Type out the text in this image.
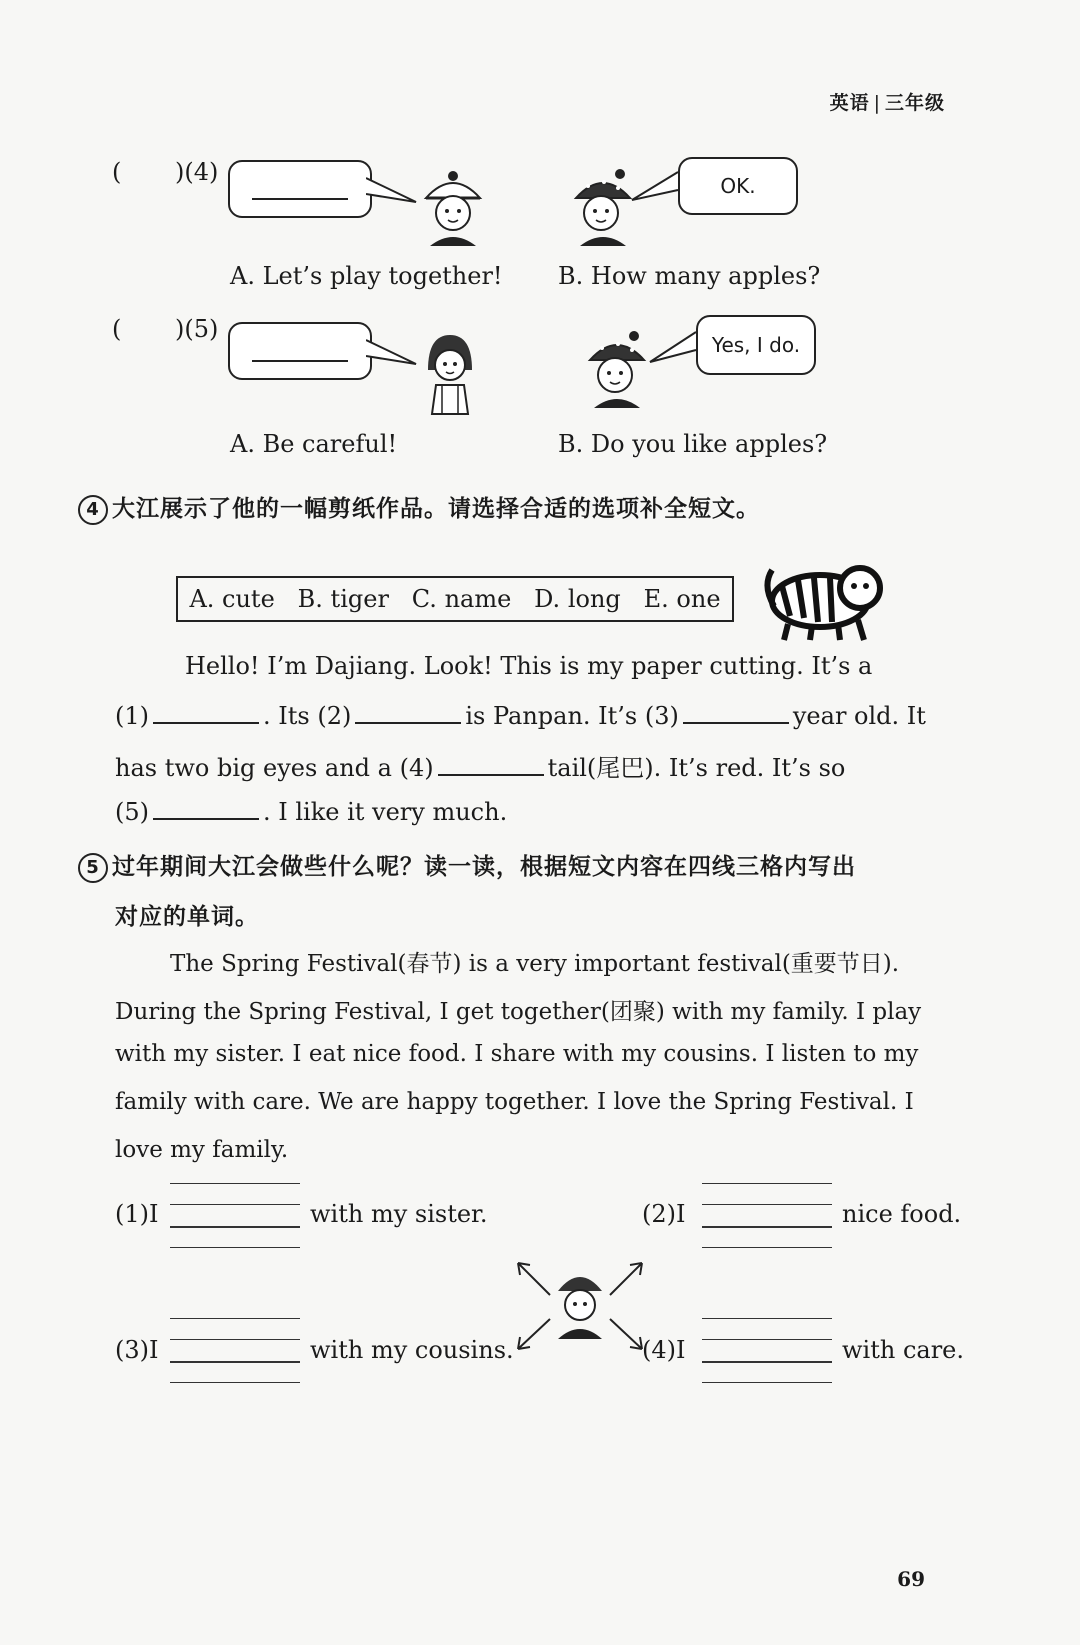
英语 | 三年级
( )(4)	OK.
A. Let’s play together! B. How many apples?
( )(5)
Yes, I do.
A. Be careful!	B. Do you like apples?
4 大江展示了他的一幅剪纸作品。请选择合适的选项补全短文。
A. cute B. tiger C. name D. long E. one
Hello! I’m Dajiang. Look! This is my paper cutting. It’s a
(1)	. Its (2)	is Panpan. It’s (3)	year old. It
has two big eyes and a (4)	tail(尾巴). It’s red. It’s so
(5)	. I like it very much.
5 过年期间大江会做些什么呢？读一读，根据短文内容在四线三格内写出
对应的单词。
The Spring Festival(春节) is a very important festival(重要节日).
During the Spring Festival, I get together(团聚) with my family. I play
with my sister. I eat nice food. I share with my cousins. I listen to my
family with care. We are happy together. I love the Spring Festival. I
love my family.
(1)I	with my sister.	(2)I	nice food.
(3)I	with my cousins.	(4)I	with care.
69
